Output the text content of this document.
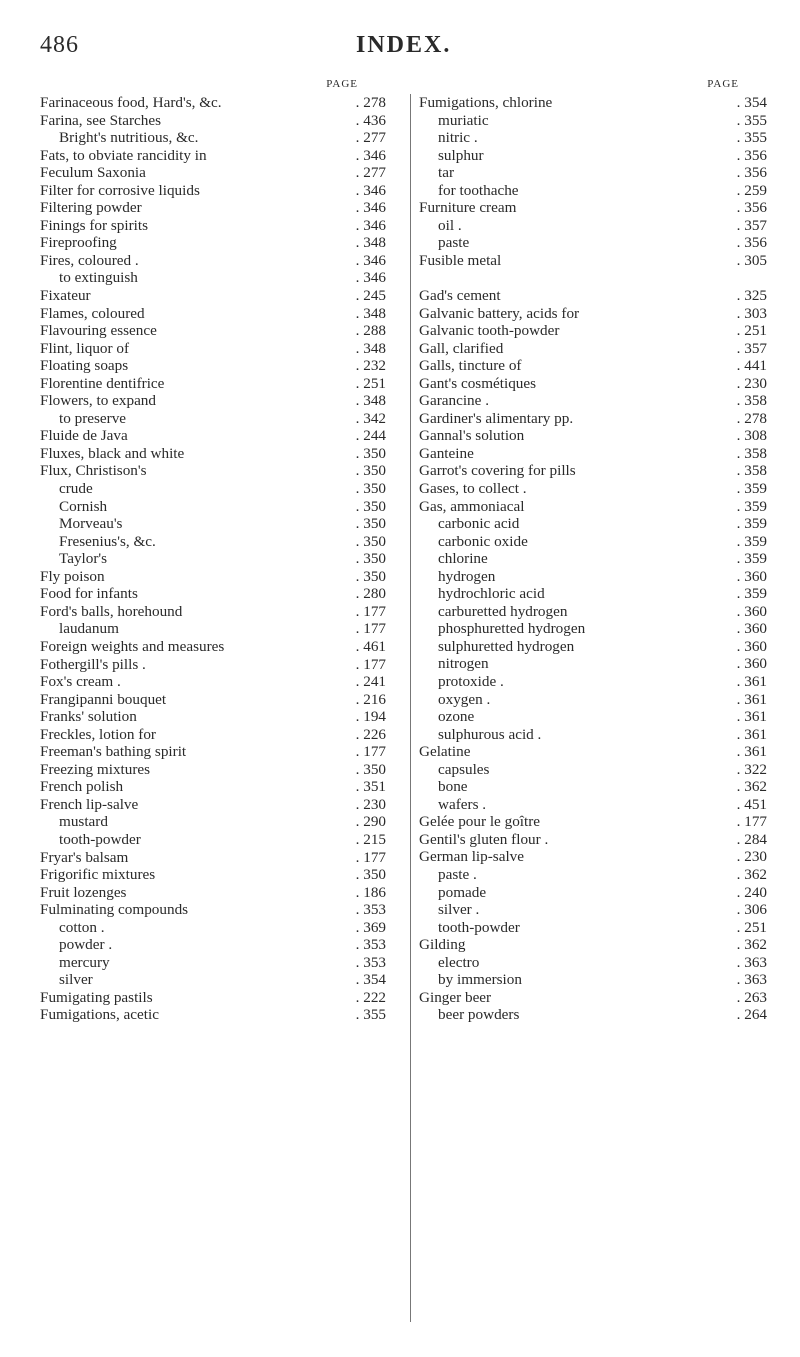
486	INDEX.
PAGE
Farinaceous food, Hard's, &c.	. 278
Farina, see Starches	. 436
Bright's nutritious, &c.	. 277
Fats, to obviate rancidity in	. 346
Feculum Saxonia	. 277
Filter for corrosive liquids	. 346
Filtering powder	. 346
Finings for spirits	. 346
Fireproofing	. 348
Fires, coloured .	. 346
to extinguish	. 346
Fixateur	. 245
Flames, coloured	. 348
Flavouring essence	. 288
Flint, liquor of	. 348
Floating soaps	. 232
Florentine dentifrice	. 251
Flowers, to expand	. 348
to preserve	. 342
Fluide de Java	. 244
Fluxes, black and white	. 350
Flux, Christison's	. 350
crude	. 350
Cornish	. 350
Morveau's	. 350
Fresenius's, &c.	. 350
Taylor's	. 350
Fly poison	. 350
Food for infants	. 280
Ford's balls, horehound	. 177
laudanum	. 177
Foreign weights and measures	. 461
Fothergill's pills .	. 177
Fox's cream .	. 241
Frangipanni bouquet	. 216
Franks' solution	. 194
Freckles, lotion for	. 226
Freeman's bathing spirit	. 177
Freezing mixtures	. 350
French polish	. 351
French lip-salve	. 230
mustard	. 290
tooth-powder	. 215
Fryar's balsam	. 177
Frigorific mixtures	. 350
Fruit lozenges	. 186
Fulminating compounds	. 353
cotton .	. 369
powder .	. 353
mercury	. 353
silver	. 354
Fumigating pastils	. 222
Fumigations, acetic	. 355
PAGE
Fumigations, chlorine	. 354
muriatic	. 355
nitric .	. 355
sulphur	. 356
tar	. 356
for toothache	. 259
Furniture cream	. 356
oil .	. 357
paste	. 356
Fusible metal	. 305
Gad's cement	. 325
Galvanic battery, acids for	. 303
Galvanic tooth-powder	. 251
Gall, clarified	. 357
Galls, tincture of	. 441
Gant's cosmétiques	. 230
Garancine .	. 358
Gardiner's alimentary pp.	. 278
Gannal's solution	. 308
Ganteine	. 358
Garrot's covering for pills	. 358
Gases, to collect .	. 359
Gas, ammoniacal	. 359
carbonic acid	. 359
carbonic oxide	. 359
chlorine	. 359
hydrogen	. 360
hydrochloric acid	. 359
carburetted hydrogen	. 360
phosphuretted hydrogen	. 360
sulphuretted hydrogen	. 360
nitrogen	. 360
protoxide .	. 361
oxygen .	. 361
ozone	. 361
sulphurous acid .	. 361
Gelatine	. 361
capsules	. 322
bone	. 362
wafers .	. 451
Gelée pour le goître	. 177
Gentil's gluten flour .	. 284
German lip-salve	. 230
paste .	. 362
pomade	. 240
silver .	. 306
tooth-powder	. 251
Gilding	. 362
electro	. 363
by immersion	. 363
Ginger beer	. 263
beer powders	. 264
